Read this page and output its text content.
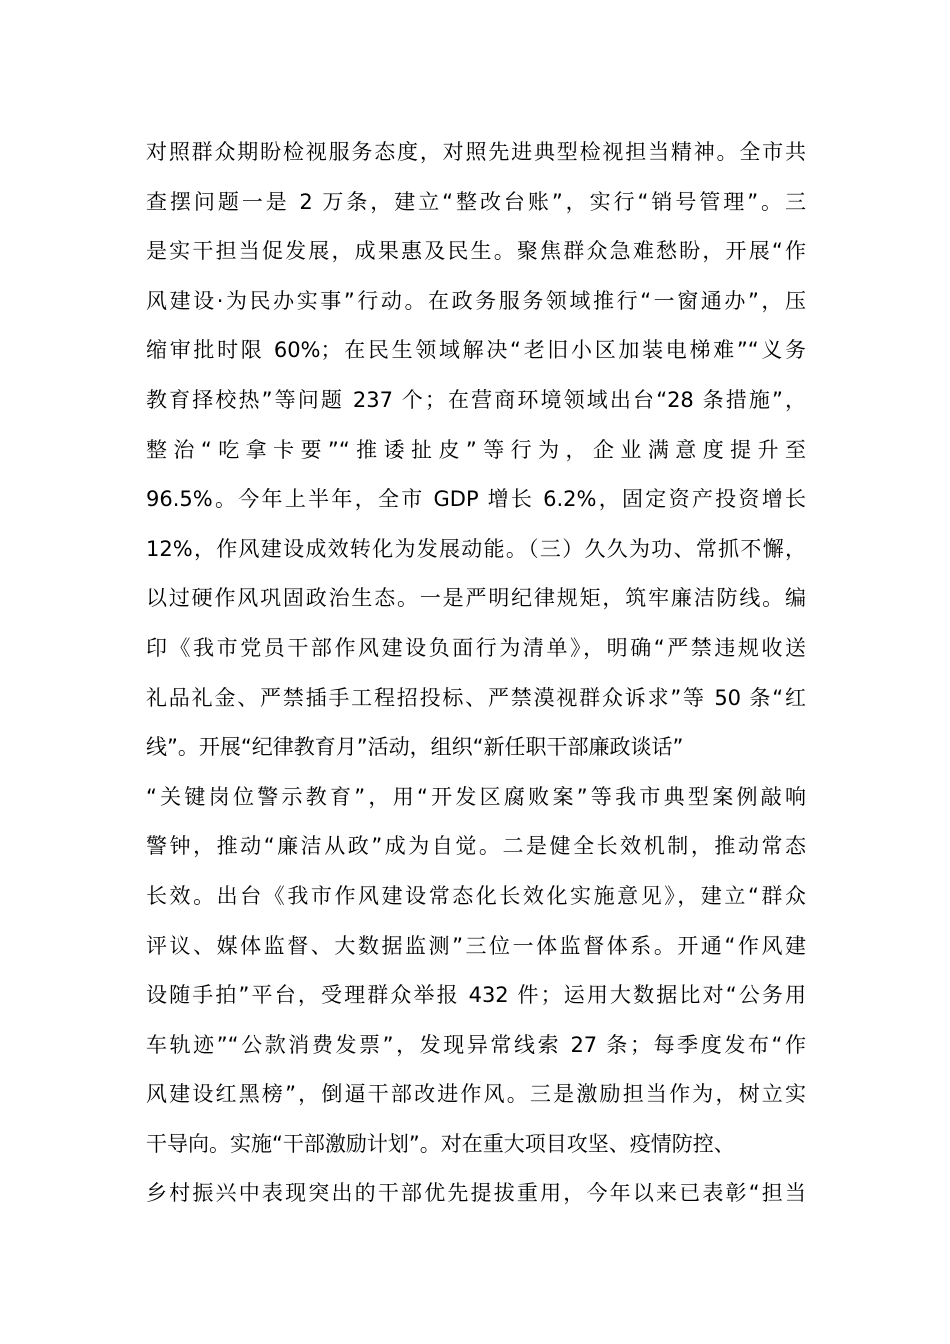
对照群众期盼检视服务态度，对照先进典型检视担当精神。全市共
查摆问题一是 2 万条，建立“整改台账”，实行“销号管理”。三
是实干担当促发展，成果惠及民生。聚焦群众急难愁盼，开展“作
风建设·为民办实事”行动。在政务服务领域推行“一窗通办”，压
缩审批时限 60%；在民生领域解决“老旧小区加装电梯难”“义务
教育择校热”等问题 237 个；在营商环境领域出台“28 条措施”，
整治“吃拿卡要”“推诿扯皮”等行为，企业满意度提升至
96.5%。今年上半年，全市 GDP 增长 6.2%，固定资产投资增长
12%，作风建设成效转化为发展动能。（三）久久为功、常抓不懈，
以过硬作风巩固政治生态。一是严明纪律规矩，筑牢廉洁防线。编
印《我市党员干部作风建设负面行为清单》，明确“严禁违规收送
礼品礼金、严禁插手工程招投标、严禁漠视群众诉求”等 50 条“红
线”。开展“纪律教育月”活动，组织“新任职干部廉政谈话”
“关键岗位警示教育”，用“开发区腐败案”等我市典型案例敲响
警钟，推动“廉洁从政”成为自觉。二是健全长效机制，推动常态
长效。出台《我市作风建设常态化长效化实施意见》，建立“群众
评议、媒体监督、大数据监测”三位一体监督体系。开通“作风建
设随手拍”平台，受理群众举报 432 件；运用大数据比对“公务用
车轨迹”“公款消费发票”，发现异常线索 27 条；每季度发布“作
风建设红黑榜”，倒逼干部改进作风。三是激励担当作为，树立实
干导向。实施“干部激励计划”。对在重大项目攻坚、疫情防控、
乡村振兴中表现突出的干部优先提拔重用，今年以来已表彰“担当
